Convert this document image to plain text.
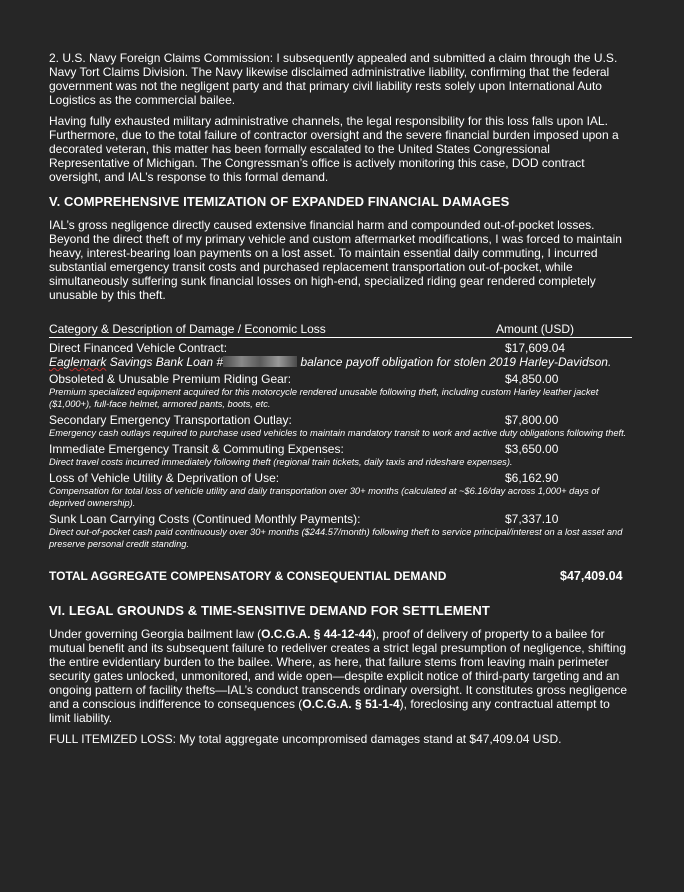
2. U.S. Navy Foreign Claims Commission: I subsequently appealed and submitted a claim through the U.S. Navy Tort Claims Division. The Navy likewise disclaimed administrative liability, confirming that the federal government was not the negligent party and that primary civil liability rests solely upon International Auto Logistics as the commercial bailee.

Having fully exhausted military administrative channels, the legal responsibility for this loss falls upon IAL. Furthermore, due to the total failure of contractor oversight and the severe financial burden imposed upon a decorated veteran, this matter has been formally escalated to the United States Congressional Representative of Michigan. The Congressman’s office is actively monitoring this case, DOD contract oversight, and IAL’s response to this formal demand.

V. COMPREHENSIVE ITEMIZATION OF EXPANDED FINANCIAL DAMAGES

IAL’s gross negligence directly caused extensive financial harm and compounded out-of-pocket losses. Beyond the direct theft of my primary vehicle and custom aftermarket modifications, I was forced to maintain heavy, interest-bearing loan payments on a lost asset. To maintain essential daily commuting, I incurred substantial emergency transit costs and purchased replacement transportation out-of-pocket, while simultaneously suffering sunk financial losses on high-end, specialized riding gear rendered completely unusable by this theft.

Category & Description of Damage / Economic Loss	Amount (USD)
Direct Financed Vehicle Contract:	$17,609.04
Eaglemark Savings Bank Loan #	balance payoff obligation for stolen 2019 Harley-Davidson.
Obsoleted & Unusable Premium Riding Gear:	$4,850.00
Premium specialized equipment acquired for this motorcycle rendered unusable following theft, including custom Harley leather jacket ($1,000+), full-face helmet, armored pants, boots, etc.
Secondary Emergency Transportation Outlay:	$7,800.00
Emergency cash outlays required to purchase used vehicles to maintain mandatory transit to work and active duty obligations following theft.
Immediate Emergency Transit & Commuting Expenses:	$3,650.00
Direct travel costs incurred immediately following theft (regional train tickets, daily taxis and rideshare expenses).
Loss of Vehicle Utility & Deprivation of Use:	$6,162.90
Compensation for total loss of vehicle utility and daily transportation over 30+ months (calculated at ~$6.16/day across 1,000+ days of deprived ownership).
Sunk Loan Carrying Costs (Continued Monthly Payments):	$7,337.10
Direct out-of-pocket cash paid continuously over 30+ months ($244.57/month) following theft to service principal/interest on a lost asset and preserve personal credit standing.
TOTAL AGGREGATE COMPENSATORY & CONSEQUENTIAL DEMAND	$47,409.04

VI. LEGAL GROUNDS & TIME-SENSITIVE DEMAND FOR SETTLEMENT

Under governing Georgia bailment law (O.C.G.A. § 44-12-44), proof of delivery of property to a bailee for mutual benefit and its subsequent failure to redeliver creates a strict legal presumption of negligence, shifting the entire evidentiary burden to the bailee. Where, as here, that failure stems from leaving main perimeter security gates unlocked, unmonitored, and wide open—despite explicit notice of third-party targeting and an ongoing pattern of facility thefts—IAL’s conduct transcends ordinary oversight. It constitutes gross negligence and a conscious indifference to consequences (O.C.G.A. § 51-1-4), foreclosing any contractual attempt to limit liability.

FULL ITEMIZED LOSS: My total aggregate uncompromised damages stand at $47,409.04 USD.
